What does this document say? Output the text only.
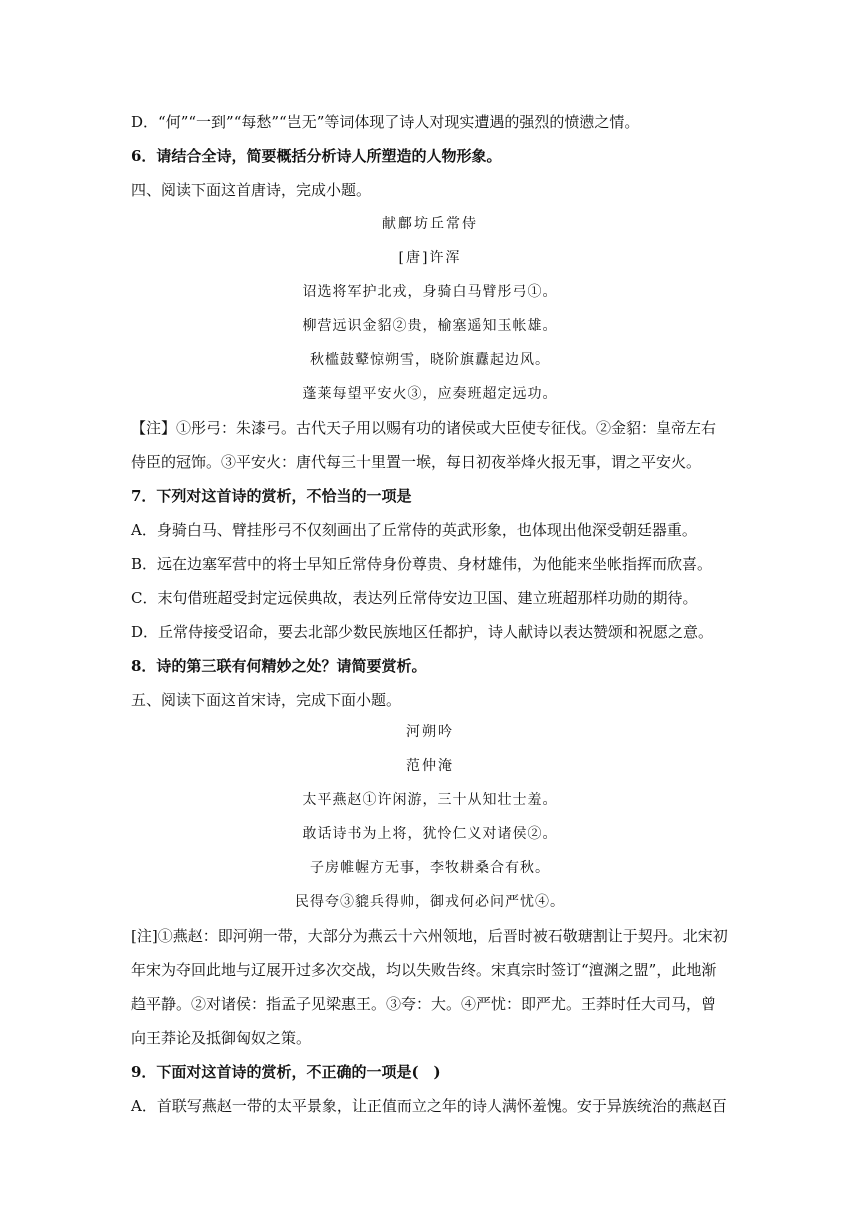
D．“何”“一到”“每愁”“岂无”等词体现了诗人对现实遭遇的强烈的愤懑之情。
6．请结合全诗，简要概括分析诗人所塑造的人物形象。
四、阅读下面这首唐诗，完成小题。
献鄜坊丘常侍
[唐]许浑
诏选将军护北戎，身骑白马臂彤弓①。
柳营远识金貂②贵，榆塞遥知玉帐雄。
秋槛鼓鼙惊朔雪，晓阶旗纛起边风。
蓬莱每望平安火③，应奏班超定远功。
【注】①彤弓：朱漆弓。古代天子用以赐有功的诸侯或大臣使专征伐。②金貂：皇帝左右
侍臣的冠饰。③平安火：唐代每三十里置一堠，每日初夜举烽火报无事，谓之平安火。
7．下列对这首诗的赏析，不恰当的一项是
A．身骑白马、臂挂彤弓不仅刻画出了丘常侍的英武形象，也体现出他深受朝廷器重。
B．远在边塞军营中的将士早知丘常侍身份尊贵、身材雄伟，为他能来坐帐指挥而欣喜。
C．末句借班超受封定远侯典故，表达列丘常侍安边卫国、建立班超那样功勋的期待。
D．丘常侍接受诏命，要去北部少数民族地区任都护，诗人献诗以表达赞颂和祝愿之意。
8．诗的第三联有何精妙之处？请简要赏析。
五、阅读下面这首宋诗，完成下面小题。
河朔吟
范仲淹
太平燕赵①许闲游，三十从知壮士羞。
敢话诗书为上将，犹怜仁义对诸侯②。
子房帷幄方无事，李牧耕桑合有秋。
民得夸③貔兵得帅，御戎何必问严忧④。
[注]①燕赵：即河朔一带，大部分为燕云十六州领地，后晋时被石敬瑭割让于契丹。北宋初
年宋为夺回此地与辽展开过多次交战，均以失败告终。宋真宗时签订“澶渊之盟”，此地渐
趋平静。②对诸侯：指孟子见梁惠王。③夸：大。④严忧：即严尤。王莽时任大司马，曾
向王莽论及抵御匈奴之策。
9．下面对这首诗的赏析，不正确的一项是(　)
A．首联写燕赵一带的太平景象，让正值而立之年的诗人满怀羞愧。安于异族统治的燕赵百
